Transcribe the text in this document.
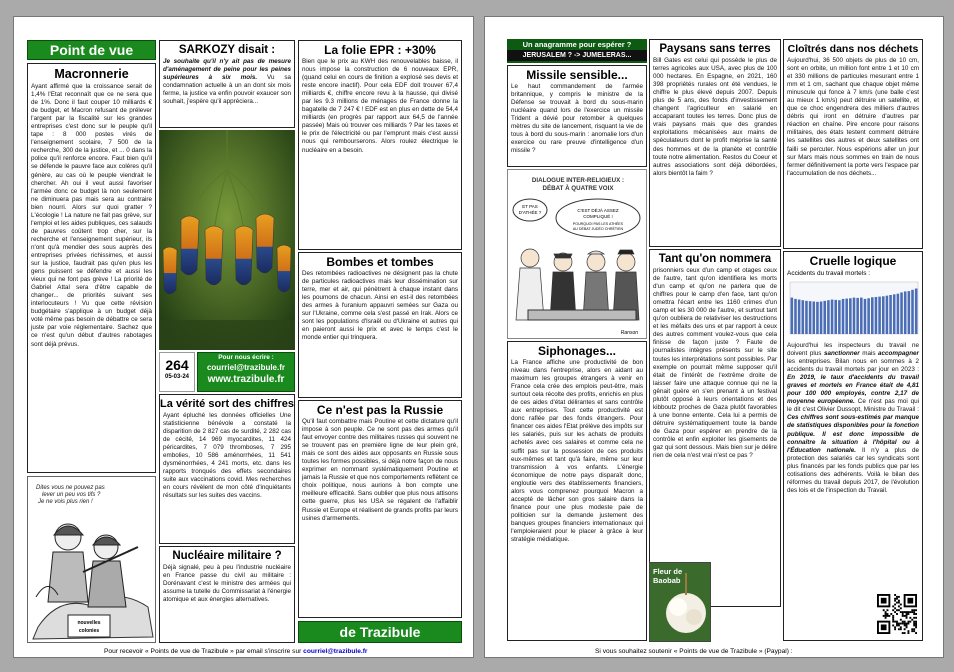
Point de vue
Macronnerie
Ayant affirmé que la croissance serait de 1,4% l'Etat reconnaît que ce ne sera que de 1%. Donc il faut couper 10 milliards € de budget, et Macron refusant de prélever l'argent par la fiscalité sur les grandes entreprises c'est donc sur le peuple qu'il tape : 8 000 postes virés de l'enseignement scolaire, 7 500 de la recherche, 300 de la justice, et ... 0 dans la police qu'il renforce encore. Faut bien qu'il se défende le pauvre face aux colères qu'il génère, au cas où le peuple viendrait le chercher. Ah oui il veut aussi favoriser l'armée donc ce budget là non seulement ne diminuera pas mais sera au contraire bien nourri. Alors sur quoi gratter ? L'écologie ! La nature ne fait pas grève, sur l'emploi et les aides publiques, ces salauds de pauvres coûtent trop cher, sur la recherche et l'enseignement supérieur, ils n'ont qu'à mendier des sous auprès des entreprises privées richissimes, et aussi sur la justice, faudrait pas qu'en plus les gens puissent se défendre et aussi les vieux qui ne font pas grève ! La priorité de Gabriel Attal sera d'être capable de changer... de priorités suivant ses interlocuteurs ! Vu que cette révision budgétaire s'applique à un budget déjà voté même pas besoin de débattre ce sera juste par voie réglementaire. Sachez que ce n'est qu'un début d'autres rabotages sont déjà prévus.
Dites vous ne pouvez pas
lever un peu vos tifs ?
Je ne vois plus rien !
nouvelles
colonies
SARKOZY disait :
Je souhaite qu'il n'y ait pas de mesure d'aménagement de peine pour les peines supérieures à six mois. Vu sa condamnation actuelle à un an dont six mois ferme, la justice va enfin pouvoir exaucer son souhait, j'espère qu'il appréciera...
264
05-03-24
Pour nous écrire :
courriel@trazibule.fr
www.trazibule.fr
La vérité sort des chiffres
Ayant épluché les données officielles Une statisticienne bénévole a constaté la disparition de 2 827 cas de surdité, 2 282 cas de cécité, 14 969 myocardites, 11 424 péricardites, 7 079 thromboses, 7 295 embolies, 10 586 aménorrhées, 11 541 dysménorrhées, 4 241 morts, etc. dans les rapports tronqués des effets secondaires suite aux vaccinations covid. Mes recherches en cours révèlent de mon côté d'inquiétants résultats sur les suites des vaccins.
Nucléaire militaire ?
Déjà signalé, peu à peu l'industrie nucléaire en France passe du civil au militaire : Dorénavant c'est le ministre des armées qui assume la tutelle du Commissariat à l'énergie atomique et aux énergies alternatives.
La folie EPR : +30%
Bien que le prix au KWH des renouvelables baisse, il nous impose la construction de 6 nouveaux EPR, (quand celui en cours de finition a explosé ses devis et reste encore inactif). Pour cela EDF doit trouver 67,4 milliards €, chiffre encore revu à la hausse, qui divisé par les 9.3 millions de ménages de France donne la bagatelle de 7 247 € ! EDF est en plus en dette de 54,4 milliards (en progrès par rapport aux 64,5 de l'année passée) Mais où trouver ces milliards ? Par les taxes et le prix de l'électricité ou par l'emprunt mais c'est aussi nous qui rembourserons. Alors roulez électrique le nucléaire en a besoin.
Bombes et tombes
Des retombées radioactives ne désignent pas la chute de particules radioactives mais leur dissémination sur terre, mer et air, qui pénètrent à chaque instant dans les poumons de chacun. Ainsi en est-il des retombées des armes à l'uranium appauvri semées sur Gaza ou sur l'Ukraine, comme cela s'est passé en Irak. Alors ce sont les populations d'Israël ou d'Ukraine et autres qui en paieront aussi le prix et avec le temps c'est le monde entier qui trinquera.
Ce n'est pas la Russie
Qu'il faut combattre mais Poutine et cette dictature qu'il impose à son peuple. Ce ne sont pas des armes qu'il faut envoyer contre des militaires russes qui souvent ne se trouvent pas en première ligne de leur plein gré, mais ce sont des aides aux opposants en Russie sous toutes les formes possibles, si déjà notre façon de nous exprimer en nommant systématiquement Poutine et jamais la Russie et que nos comportements reflètent ce choix politique, nous aurions à bon compte une meilleure efficacité. Sans oublier que plus nous attisons cette guerre, plus les USA se régalent de l'affaiblir Russie et Europe et réalisent de grands profits par leurs usines d'armements.
de Trazibule
Pour recevoir « Points de vue de Trazibule » par email s'inscrire sur courriel@trazibule.fr
Un anagramme pour espérer ?
JERUSALEM ? -> JUMELERAS...
Missile sensible...
Le haut commandement de l'armée britannique, y compris le ministre de la Défense se trouvait à bord du sous-marin nucléaire quand lors de l'exercice un missile Trident a dévié pour retomber à quelques mètres du site de lancement, risquant la vie de tous à bord du sous-marin : anomalie lors d'un exercice ou rare preuve d'intelligence d'un missile ?
DIALOGUE INTER-RELIGIEUX :
DÉBAT À QUATRE VOIX
ET PAS
D'ATHÉE ?	C'EST DÉJÀ ASSEZ
COMPLIQUÉ !
POURQUOI PAS LES ATHÉES
AU DÉBAT JUDÉO CHRÉTIEN
Ranson
Siphonages...
La France affiche une productivité de bon niveau dans l'entreprise, alors en aidant au maximum les groupes étrangers à venir en France cela crée des emplois peut-être, mais surtout cela récolte des profits, enrichis en plus de ces aides d'état délirantes et sans contrôle aux entreprises. Tout cette productivité est donc raflée par des fonds étrangers. Pour financer ces aides l'Etat prélève des impôts sur les salariés, puis sur les achats de produits achetés avec ces salaires et comme cela ne suffit pas sur la possession de ces produits eux-mêmes et tant qu'à faire, même sur leur transmission à vos enfants. L'énergie économique de notre pays disparaît donc, engloutie vers des établissements financiers, alors vous comprenez pourquoi Macron a accepté de lâcher son gros salaire dans la finance pour une plus modeste paie de politicien sur la demande justement des banques groupes financiers internationaux qui l'emploieraient pour le placer à grâce à leur stratégie médiatique.
Paysans sans terres
Bill Gates est celui qui possède le plus de terres agricoles aux USA, avec plus de 100 000 hectares. En Espagne, en 2021, 160 398 propriétés rurales ont été vendues, le chiffre le plus élevé depuis 2007. Depuis plus de 5 ans, des fonds d'investissement changent l'agriculteur en salarié en accaparant toutes les terres. Donc plus de vrais paysans mais que des grandes exploitations mécanisées aux mains de spéculateurs dont le profit méprise la santé des hommes et de la planète et contrôle toute notre alimentation. Restos du Coeur et autres associations sont déjà débordées, alors bientôt la faim ?
Tant qu'on nommera
prisonniers ceux d'un camp et otages ceux de l'autre, tant qu'on identifiera les morts d'un camp et qu'on ne parlera que de chiffres pour le camp d'en face, tant qu'on omettra l'écart entre les 1160 crimes d'un camp et les 30 000 de l'autre, et surtout tant qu'on oubliera de relativiser les destructions et les méfaits des uns et par rapport à ceux des autres comment voulez-vous que cela finisse de façon juste ? Faute de journalistes intègres présents sur le site toutes les interprétations sont possibles. Par exemple on pourrait même supposer qu'il était de l'intérêt de l'extrême droite de laisser faire une attaque connue qui ne la gênait guère en s'en prenant à un festival plutôt opposé à leurs orientations et des kibboutz proches de Gaza plutôt favorables à une bonne entente. Cela lui a permis de détruire systématiquement toute la bande de Gaza pour espérer en prendre de la contrôle et enfin exploiter les gisements de gaz qui sont dessous. Mais bien sur je délire rien de cela n'est vrai n'est ce pas ?
Fleur de Baobab
Cloîtrés dans nos déchets
Aujourd'hui, 36 500 objets de plus de 10 cm, sont en orbite, un million font entre 1 et 10 cm et 330 millions de particules mesurant entre 1 mm et 1 cm, sachant que chaque objet même minuscule qui fonce à 7 km/s (une balle c'est au mieux 1 km/s) peut détruire un satellite, et que ce choc engendrera des milliers d'autres débris qui iront en détruire d'autres par réaction en chaîne. Pire encore pour raisons militaires, des états testent comment détruire les satellites des autres et deux satellites ont failli se percuter. Nous espérions aller un jour sur Mars mais nous sommes en train de nous fermer définitivement la porte vers l'espace par l'accumulation de nos déchets...
Cruelle logique
Accidents du travail mortels :
Aujourd'hui les inspecteurs du travail ne doivent plus sanctionner mais accompagner les entreprises. Bilan nous en sommes à 2 accidents du travail mortels par jour en 2023 : En 2019, le taux d'accidents du travail graves et mortels en France était de 4,81 pour 100 000 employés, contre 2,17 de moyenne européenne. Ce n'est pas moi qui le dit c'est Olivier Dussopt, Ministre du Travail : Ces chiffres sont sous-estimés par manque de statistiques disponibles pour la fonction publique. Il est donc impossible de connaître la situation à l'hôpital ou à l'Éducation nationale. Il n'y a plus de protection des salariés car les syndicats sont plus financés par les fonds publics que par les cotisations des adhérents. Voilà le bilan des réformes du travail depuis 2017, de l'évolution des lois et de l'inspection du Travail.
Si vous souhaitez soutenir « Points de vue de Trazibule » (Paypal) :
